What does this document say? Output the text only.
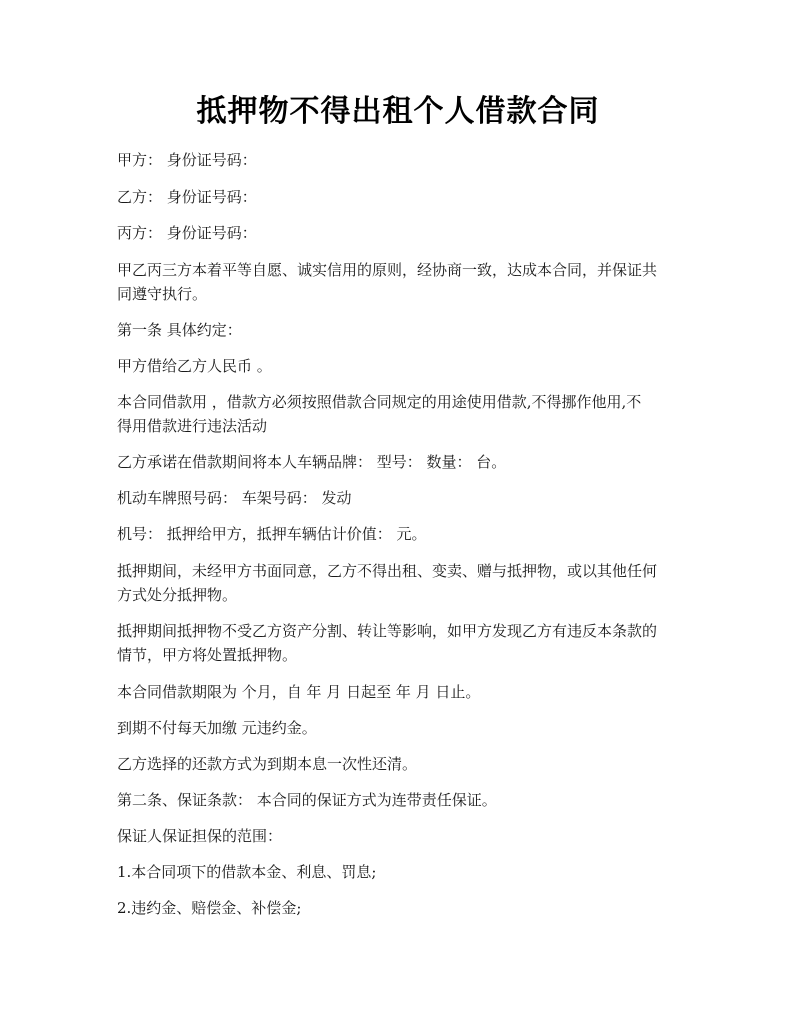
抵押物不得出租个人借款合同
甲方： 身份证号码：
乙方： 身份证号码：
丙方： 身份证号码：
甲乙丙三方本着平等自愿、诚实信用的原则，经协商一致，达成本合同，并保证共
同遵守执行。
第一条 具体约定：
甲方借给乙方人民币 。
本合同借款用 ，借款方必须按照借款合同规定的用途使用借款,不得挪作他用,不
得用借款进行违法活动
乙方承诺在借款期间将本人车辆品牌： 型号： 数量： 台。
机动车牌照号码： 车架号码： 发动
机号： 抵押给甲方，抵押车辆估计价值： 元。
抵押期间，未经甲方书面同意，乙方不得出租、变卖、赠与抵押物，或以其他任何
方式处分抵押物。
抵押期间抵押物不受乙方资产分割、转让等影响，如甲方发现乙方有违反本条款的
情节，甲方将处置抵押物。
本合同借款期限为 个月，自 年 月 日起至 年 月 日止。
到期不付每天加缴 元违约金。
乙方选择的还款方式为到期本息一次性还清。
第二条、保证条款： 本合同的保证方式为连带责任保证。
保证人保证担保的范围：
1.本合同项下的借款本金、利息、罚息;
2.违约金、赔偿金、补偿金;
